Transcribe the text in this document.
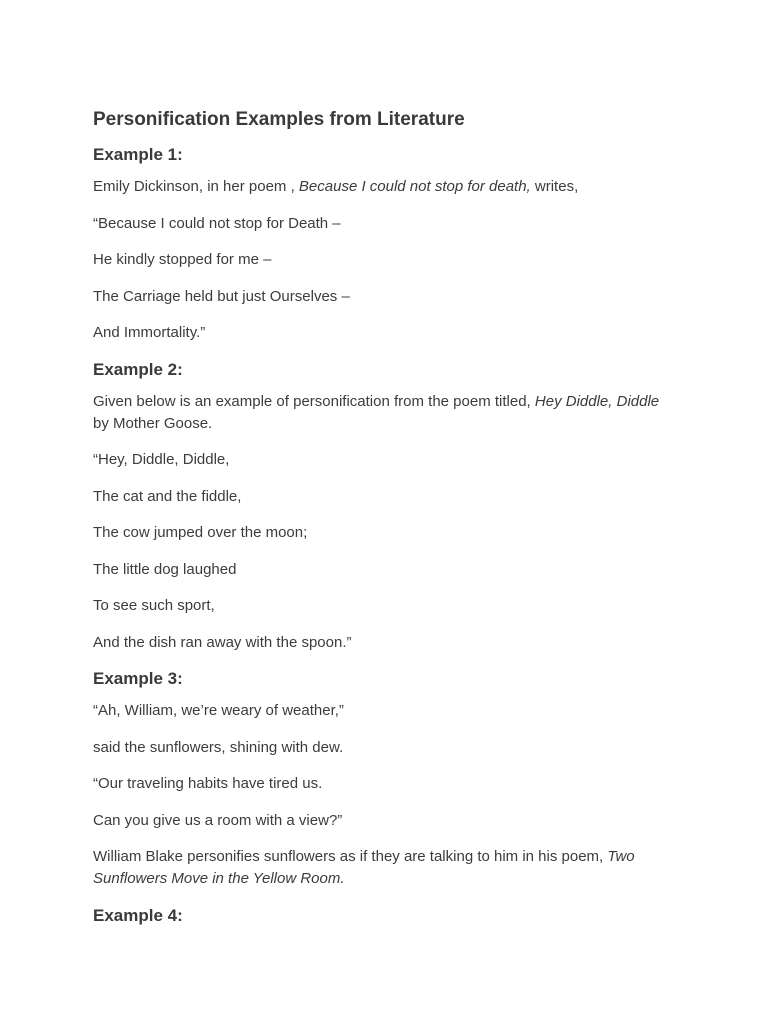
Personification Examples from Literature
Example 1:

Emily Dickinson, in her poem , Because I could not stop for death, writes,

“Because I could not stop for Death –

He kindly stopped for me –

The Carriage held but just Ourselves –

And Immortality.”

Example 2:

Given below is an example of personification from the poem titled, Hey Diddle, Diddle by Mother Goose.

“Hey, Diddle, Diddle,

The cat and the fiddle,

The cow jumped over the moon;

The little dog laughed

To see such sport,

And the dish ran away with the spoon.”

Example 3:

“Ah, William, we’re weary of weather,”

said the sunflowers, shining with dew.

“Our traveling habits have tired us.

Can you give us a room with a view?”

William Blake personifies sunflowers as if they are talking to him in his poem, Two Sunflowers Move in the Yellow Room.

Example 4:
